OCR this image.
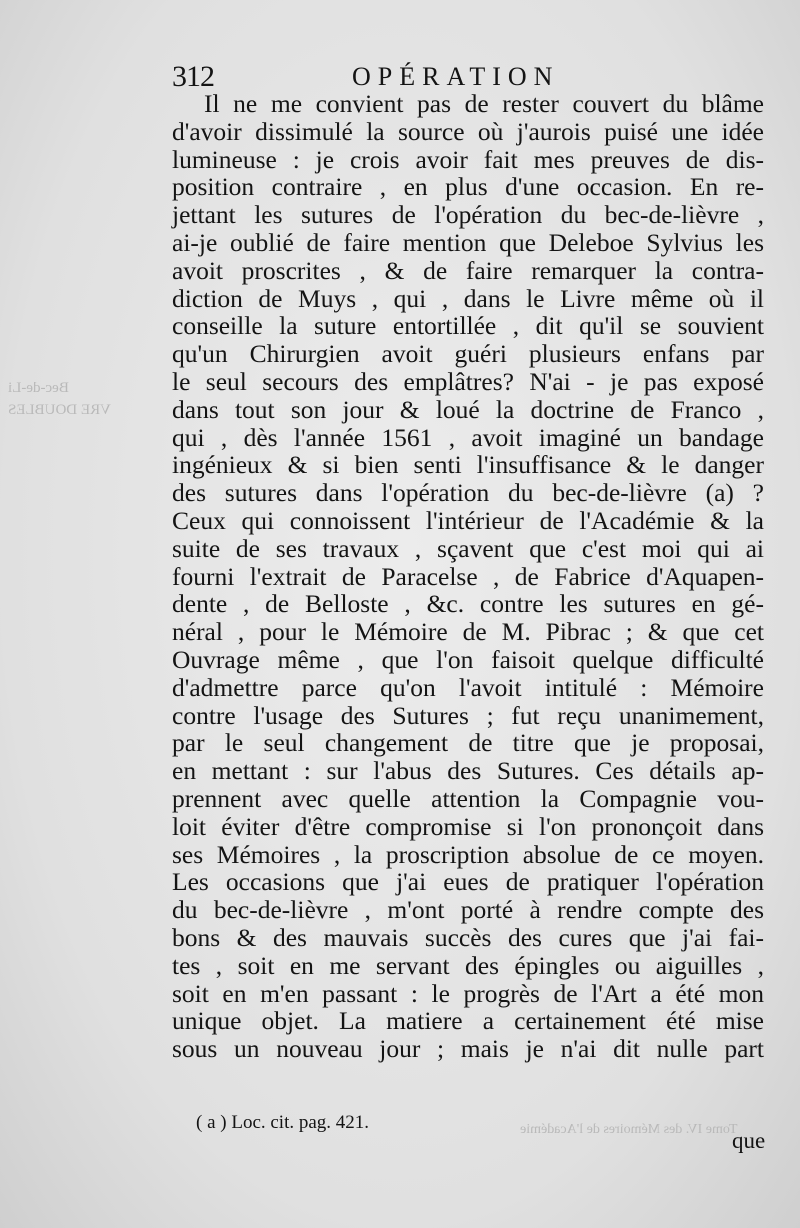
Bec-de-Li
VRE DOUBLES
Tome IV. des Mémoires de l'Académie
312	OPÉRATION
Il ne me convient pas de rester couvert du blâme
d'avoir dissimulé la source où j'aurois puisé une idée
lumineuse : je crois avoir fait mes preuves de dis-
position contraire , en plus d'une occasion. En re-
jettant les sutures de l'opération du bec-de-lièvre ,
ai-je oublié de faire mention que Deleboe Sylvius les
avoit proscrites , & de faire remarquer la contra-
diction de Muys , qui , dans le Livre même où il
conseille la suture entortillée , dit qu'il se souvient
qu'un Chirurgien avoit guéri plusieurs enfans par
le seul secours des emplâtres? N'ai - je pas exposé
dans tout son jour & loué la doctrine de Franco ,
qui , dès l'année 1561 , avoit imaginé un bandage
ingénieux & si bien senti l'insuffisance & le danger
des sutures dans l'opération du bec-de-lièvre (a) ?
Ceux qui connoissent l'intérieur de l'Académie & la
suite de ses travaux , sçavent que c'est moi qui ai
fourni l'extrait de Paracelse , de Fabrice d'Aquapen-
dente , de Belloste , &c. contre les sutures en gé-
néral , pour le Mémoire de M. Pibrac ; & que cet
Ouvrage même , que l'on faisoit quelque difficulté
d'admettre parce qu'on l'avoit intitulé : Mémoire
contre l'usage des Sutures ; fut reçu unanimement,
par le seul changement de titre que je proposai,
en mettant : sur l'abus des Sutures. Ces détails ap-
prennent avec quelle attention la Compagnie vou-
loit éviter d'être compromise si l'on prononçoit dans
ses Mémoires , la proscription absolue de ce moyen.
Les occasions que j'ai eues de pratiquer l'opération
du bec-de-lièvre , m'ont porté à rendre compte des
bons & des mauvais succès des cures que j'ai fai-
tes , soit en me servant des épingles ou aiguilles ,
soit en m'en passant : le progrès de l'Art a été mon
unique objet. La matiere a certainement été mise
sous un nouveau jour ; mais je n'ai dit nulle part
( a ) Loc. cit. pag. 421.
que
